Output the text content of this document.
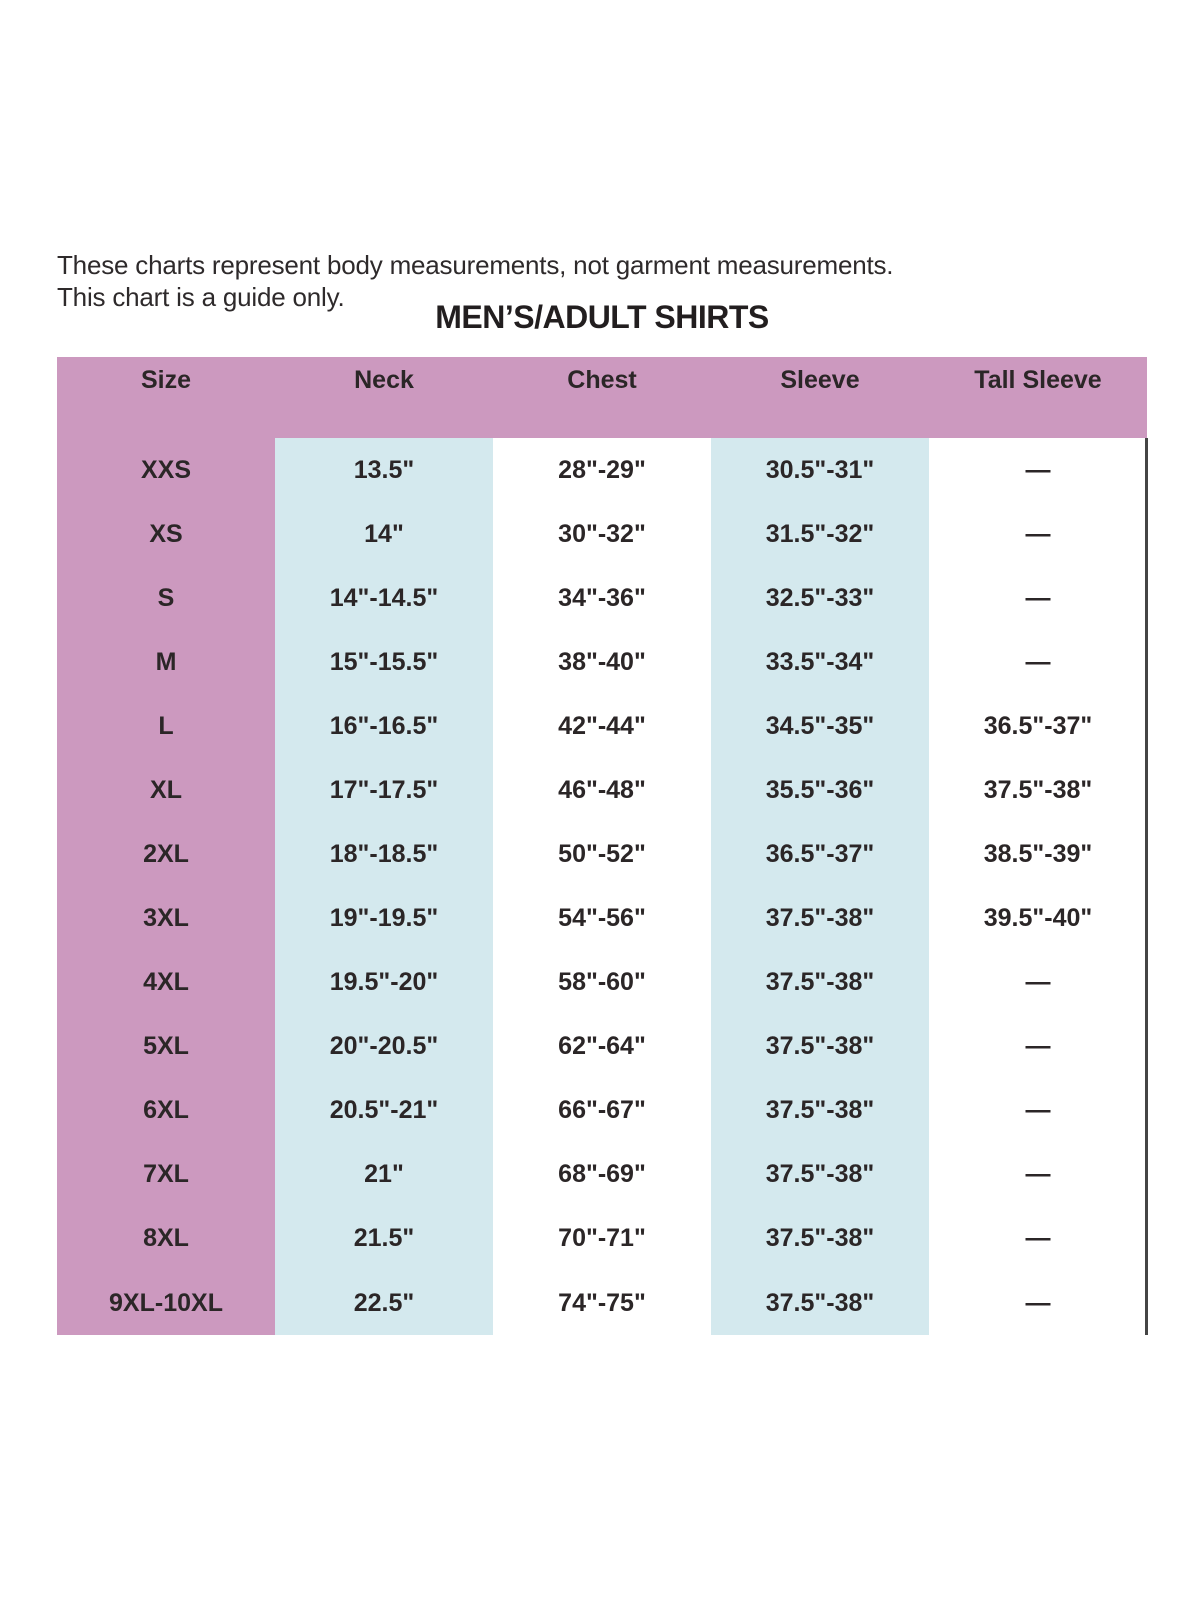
These charts represent body measurements, not garment measurements.
This chart is a guide only.
MEN’S/ADULT SHIRTS
Size	Neck	Chest	Sleeve	Tall Sleeve
XXS	13.5"	28"-29"	30.5"-31"	—
XS	14"	30"-32"	31.5"-32"	—
S	14"-14.5"	34"-36"	32.5"-33"	—
M	15"-15.5"	38"-40"	33.5"-34"	—
L	16"-16.5"	42"-44"	34.5"-35"	36.5"-37"
XL	17"-17.5"	46"-48"	35.5"-36"	37.5"-38"
2XL	18"-18.5"	50"-52"	36.5"-37"	38.5"-39"
3XL	19"-19.5"	54"-56"	37.5"-38"	39.5"-40"
4XL	19.5"-20"	58"-60"	37.5"-38"	—
5XL	20"-20.5"	62"-64"	37.5"-38"	—
6XL	20.5"-21"	66"-67"	37.5"-38"	—
7XL	21"	68"-69"	37.5"-38"	—
8XL	21.5"	70"-71"	37.5"-38"	—
9XL-10XL	22.5"	74"-75"	37.5"-38"	—
